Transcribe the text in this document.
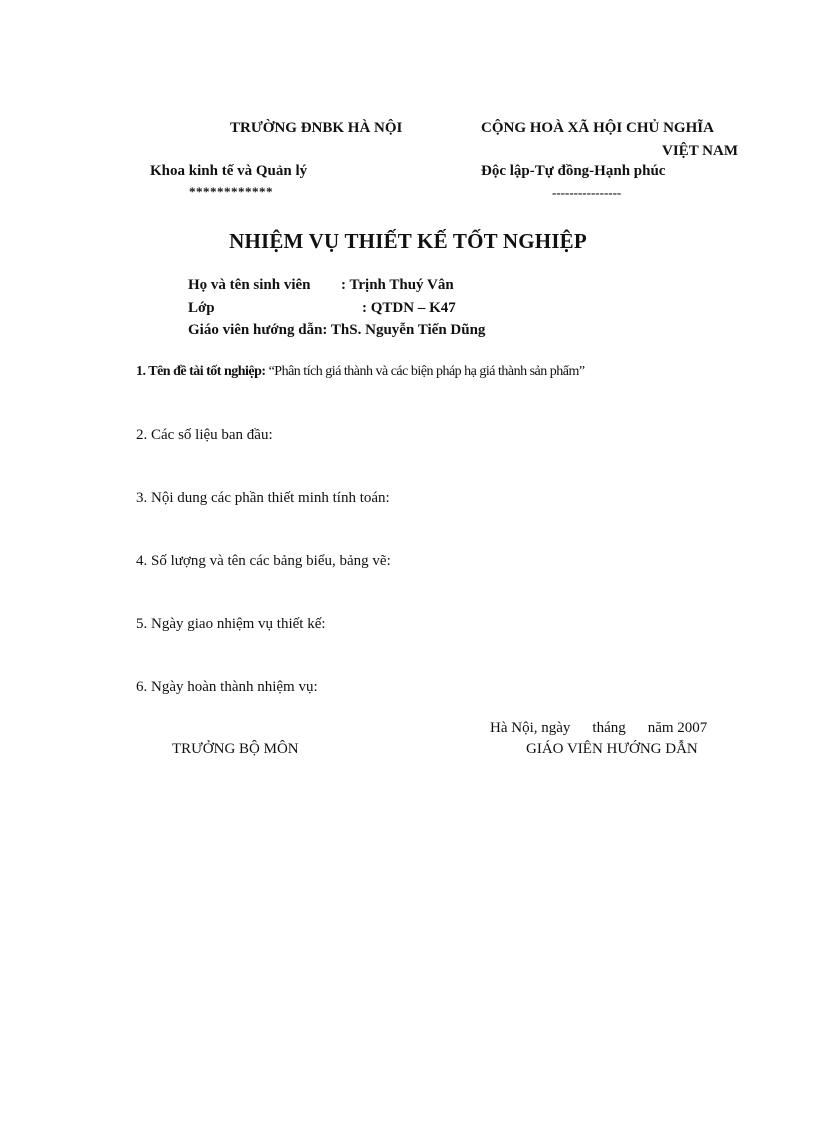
TRƯỜNG ĐNBK HÀ NỘI
Khoa kinh tế và Quản lý
************
CỘNG HOÀ XÃ HỘI CHỦ NGHĨA
VIỆT NAM
Độc lập-Tự đồng-Hạnh phúc
----------------
NHIỆM VỤ THIẾT KẾ TỐT NGHIỆP
Họ và tên sinh viên : Trịnh Thuý Vân
Lớp	: QTDN – K47
Giáo viên hướng dẫn: ThS. Nguyễn Tiến Dũng
1. Tên đề tài tốt nghiệp: “Phân tích giá thành và các biện pháp hạ giá thành sản phẩm”
2. Các số liệu ban đầu:
3. Nội dung các phần thiết minh tính toán:
4. Số lượng và tên các bảng biểu, bảng vẽ:
5. Ngày giao nhiệm vụ thiết kế:
6. Ngày hoàn thành nhiệm vụ:
Hà Nội, ngày tháng năm 2007
TRƯỞNG BỘ MÔN	GIÁO VIÊN HƯỚNG DẪN
